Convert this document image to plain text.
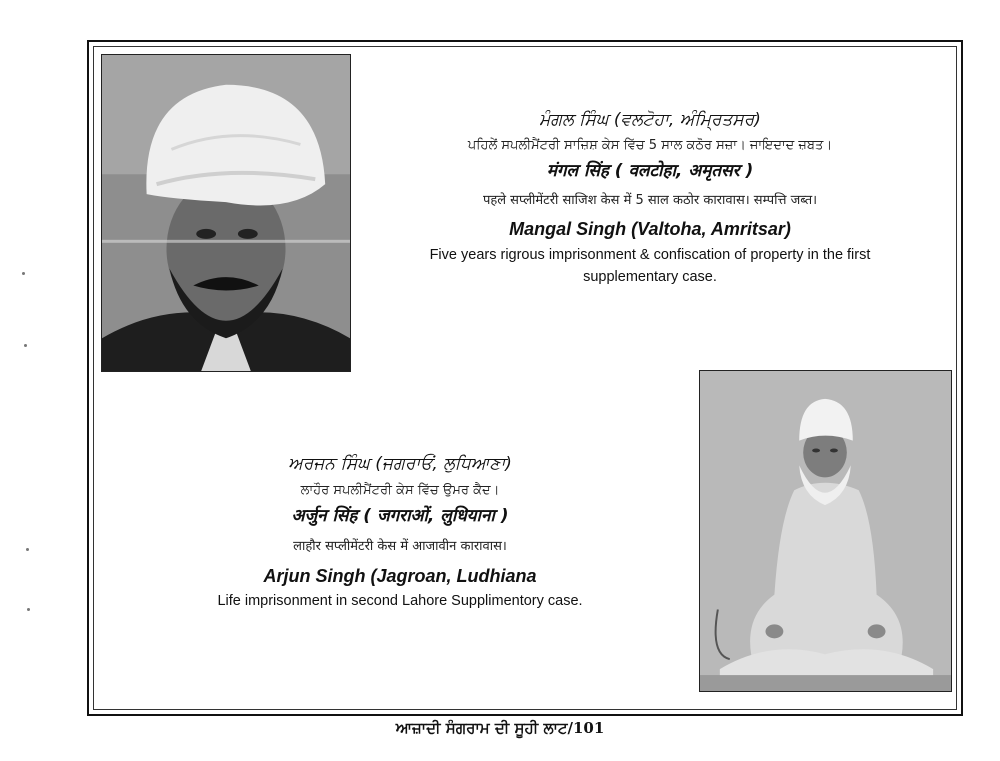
ਮੰਗਲ ਸਿੰਘ (ਵਲਟੋਹਾ, ਅੰਮ੍ਰਿਤਸਰ)

ਪਹਿਲੇਂ ਸਪਲੀਮੈਂਟਰੀ ਸਾਜ਼ਿਸ਼ ਕੇਸ ਵਿੱਚ 5 ਸਾਲ ਕਠੋਰ ਸਜ਼ਾ। ਜਾਇਦਾਦ ਜ਼ਬਤ।

मंगल सिंह ( वलटोहा, अमृतसर )

पहले सप्लीमेंटरी साजिश केस में 5 साल कठोर कारावास। सम्पत्ति जब्त।

Mangal Singh (Valtoha, Amritsar)

Five years rigrous imprisonment & confiscation of property in the first

supplementary case.

ਅਰਜਨ ਸਿੰਘ (ਜਗਰਾਓਂ, ਲੁਧਿਆਣਾ)

ਲਾਹੌਰ ਸਪਲੀਮੈਂਟਰੀ ਕੇਸ ਵਿੱਚ ਉਮਰ ਕੈਦ।

अर्जुन सिंह ( जगराओं, लुधियाना )

लाहौर सप्लीमेंटरी केस में आजावीन कारावास।

Arjun Singh (Jagroan, Ludhiana

Life imprisonment in second Lahore Supplimentory case.

ਆਜ਼ਾਦੀ ਸੰਗਰਾਮ ਦੀ ਸੂਹੀ ਲਾਟ/101
